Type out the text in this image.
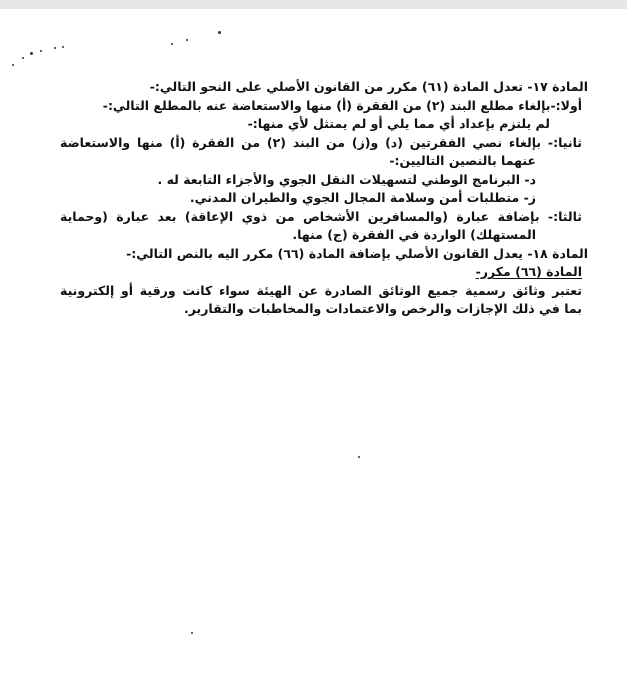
المادة ١٧- تعدل المادة (٦١) مكرر من القانون الأصلي على النحو التالي:-
أولا:-بإلغاء مطلع البند (٢) من الفقرة (أ) منها والاستعاضة عنه بالمطلع التالي:-
لم يلتزم بإعداد أي مما يلي أو لم يمتثل لأي منها:-
ثانيا:- بإلغاء نصي الفقرتين (د) و(ز) من البند (٢) من الفقرة (أ) منها والاستعاضة
عنهما بالنصين التاليين:-
د- البرنامج الوطني لتسهيلات النقل الجوي والأجزاء التابعة له .
ز- متطلبات أمن وسلامة المجال الجوي والطيران المدني.
ثالثا:- بإضافة عبارة (والمسافرين الأشخاص من ذوي الإعاقة) بعد عبارة (وحماية
المستهلك) الواردة في الفقرة (ج) منها.
المادة ١٨- يعدل القانون الأصلي بإضافة المادة (٦٦) مكرر اليه بالنص التالي:-
المادة (٦٦) مكرر-
تعتبر وثائق رسمية جميع الوثائق الصادرة عن الهيئة سواء كانت ورقية أو إلكترونية
بما في ذلك الإجازات والرخص والاعتمادات والمخاطبات والتقارير.
